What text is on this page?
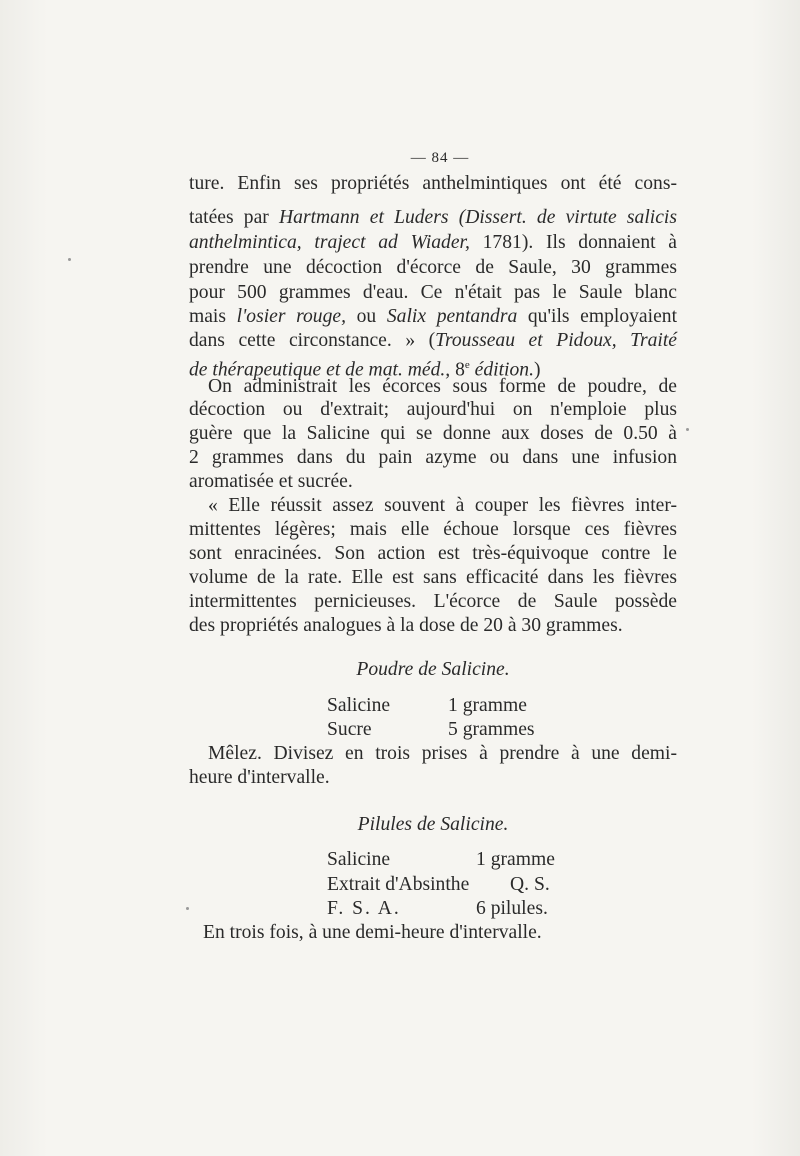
— 84 —
ture. Enfin ses propriétés anthelmintiques ont été cons-
tatées par Hartmann et Luders (Dissert. de virtute salicis
anthelmintica, traject ad Wiader, 1781). Ils donnaient à
prendre une décoction d'écorce de Saule, 30 grammes
pour 500 grammes d'eau. Ce n'était pas le Saule blanc
mais l'osier rouge, ou Salix pentandra qu'ils employaient
dans cette circonstance. » (Trousseau et Pidoux, Traité
de thérapeutique et de mat. méd., 8e édition.)
On administrait les écorces sous forme de poudre, de
décoction ou d'extrait; aujourd'hui on n'emploie plus
guère que la Salicine qui se donne aux doses de 0.50 à
2 grammes dans du pain azyme ou dans une infusion
aromatisée et sucrée.
« Elle réussit assez souvent à couper les fièvres inter-
mittentes légères; mais elle échoue lorsque ces fièvres
sont enracinées. Son action est très-équivoque contre le
volume de la rate. Elle est sans efficacité dans les fièvres
intermittentes pernicieuses. L'écorce de Saule possède
des propriétés analogues à la dose de 20 à 30 grammes.
Poudre de Salicine.
Salicine	1 gramme
Sucre	5 grammes
Mêlez. Divisez en trois prises à prendre à une demi-
heure d'intervalle.
Pilules de Salicine.
Salicine	1 gramme
Extrait d'Absinthe Q. S.
F. S. A.	6 pilules.
En trois fois, à une demi-heure d'intervalle.
